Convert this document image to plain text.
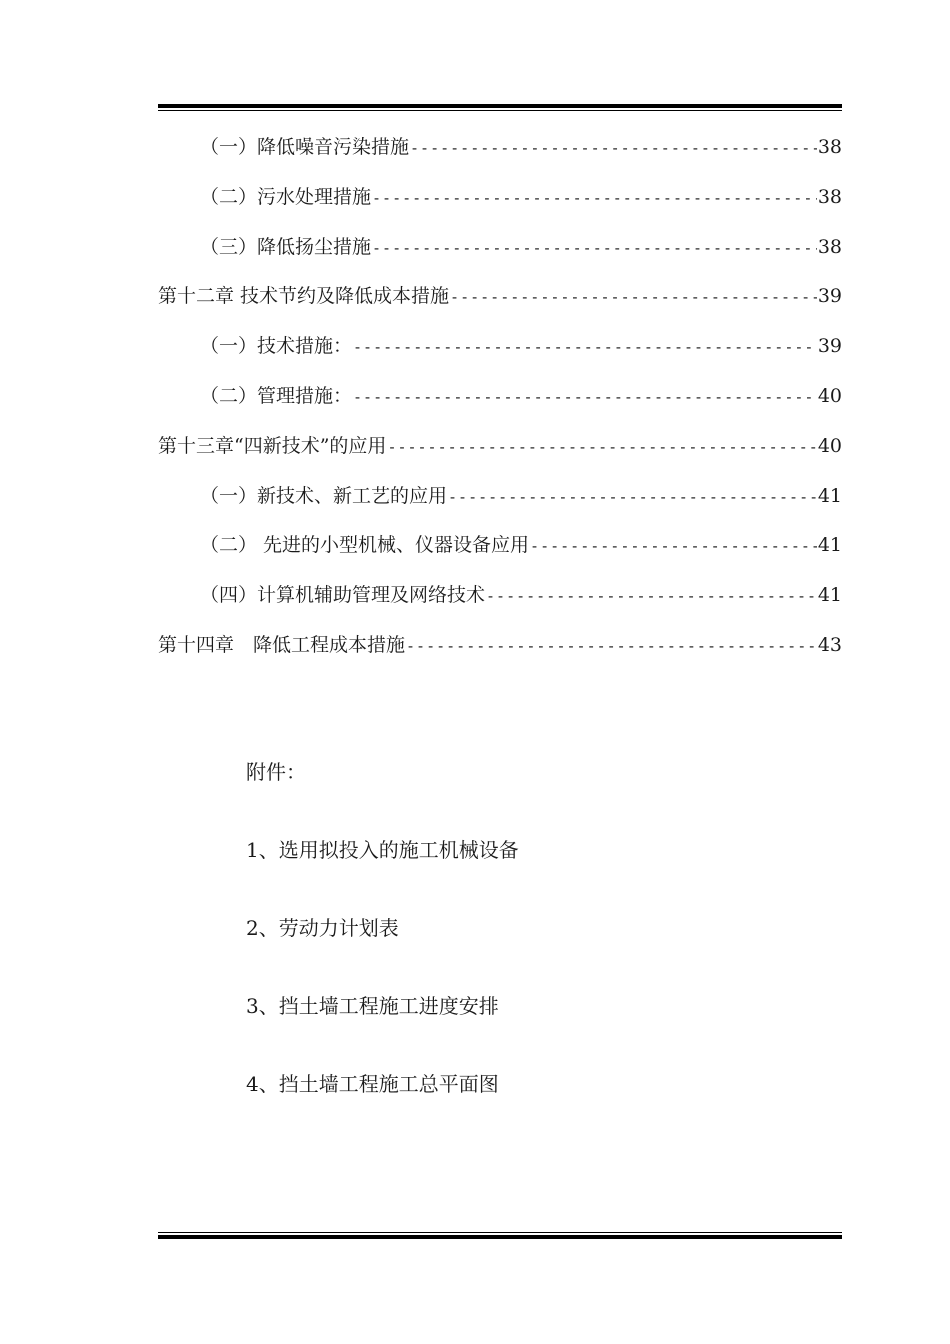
（一）降低噪音污染措施 -----	38
（二）污水处理措施 -----	38
（三）降低扬尘措施 -----	38
第十二章 技术节约及降低成本措施 -----	39
（一）技术措施： -----	39
（二）管理措施： -----	40
第十三章“四新技术”的应用 -----	40
（一）新技术、新工艺的应用 -----	41
（二） 先进的小型机械、仪器设备应用 -----	41
（四）计算机辅助管理及网络技术 -----	41
第十四章　降低工程成本措施 -----	43
附件：
1、选用拟投入的施工机械设备
2、劳动力计划表
3、挡土墙工程施工进度安排
4、挡土墙工程施工总平面图
